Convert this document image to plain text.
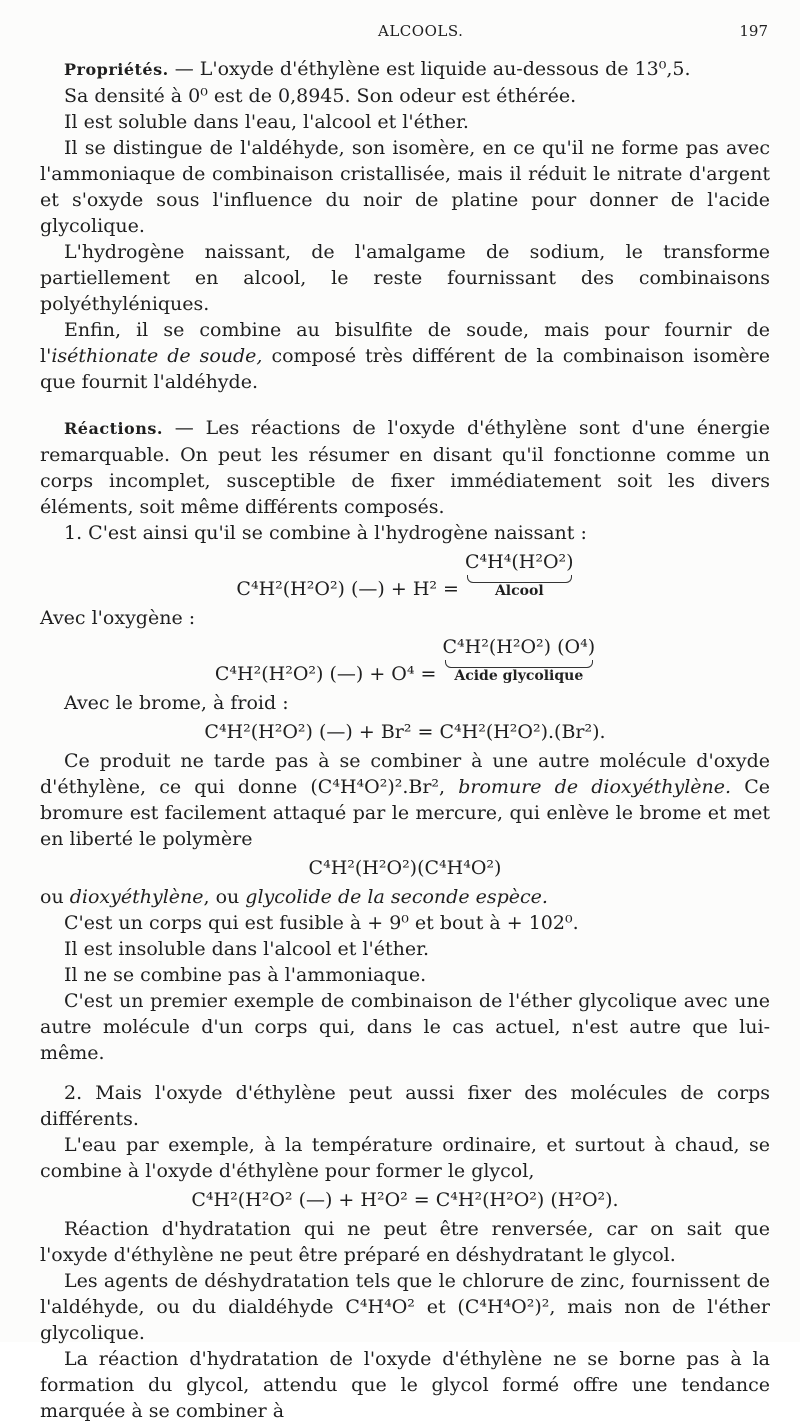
ALCOOLS.	197

Propriétés. — L'oxyde d'éthylène est liquide au-dessous de 13⁰,5.

Sa densité à 0⁰ est de 0,8945. Son odeur est éthérée.

Il est soluble dans l'eau, l'alcool et l'éther.

Il se distingue de l'aldéhyde, son isomère, en ce qu'il ne forme pas avec l'ammoniaque de combinaison cristallisée, mais il réduit le nitrate d'argent et s'oxyde sous l'influence du noir de platine pour donner de l'acide glycolique.

L'hydrogène naissant, de l'amalgame de sodium, le transforme partiellement en alcool, le reste fournissant des combinaisons polyéthyléniques.

Enfin, il se combine au bisulfite de soude, mais pour fournir de l'iséthionate de soude, composé très différent de la combinaison isomère que fournit l'aldéhyde.

Réactions. — Les réactions de l'oxyde d'éthylène sont d'une énergie remarquable. On peut les résumer en disant qu'il fonctionne comme un corps incomplet, susceptible de fixer immédiatement soit les divers éléments, soit même différents composés.

1. C'est ainsi qu'il se combine à l'hydrogène naissant :

C⁴H²(H²O²) (—) + H² = C⁴H⁴(H²O²)
Alcool

Avec l'oxygène :

C⁴H²(H²O²) (—) + O⁴ = C⁴H²(H²O²) (O⁴)
Acide glycolique

Avec le brome, à froid :

C⁴H²(H²O²) (—) + Br² = C⁴H²(H²O²).(Br²).

Ce produit ne tarde pas à se combiner à une autre molécule d'oxyde d'éthylène, ce qui donne (C⁴H⁴O²)².Br², bromure de dioxyéthylène. Ce bromure est facilement attaqué par le mercure, qui enlève le brome et met en liberté le polymère

C⁴H²(H²O²)(C⁴H⁴O²)

ou dioxyéthylène, ou glycolide de la seconde espèce.

C'est un corps qui est fusible à + 9⁰ et bout à + 102⁰.

Il est insoluble dans l'alcool et l'éther.

Il ne se combine pas à l'ammoniaque.

C'est un premier exemple de combinaison de l'éther glycolique avec une autre molécule d'un corps qui, dans le cas actuel, n'est autre que lui-même.

2. Mais l'oxyde d'éthylène peut aussi fixer des molécules de corps différents.

L'eau par exemple, à la température ordinaire, et surtout à chaud, se combine à l'oxyde d'éthylène pour former le glycol,

C⁴H²(H²O² (—) + H²O² = C⁴H²(H²O²) (H²O²).

Réaction d'hydratation qui ne peut être renversée, car on sait que l'oxyde d'éthylène ne peut être préparé en déshydratant le glycol.

Les agents de déshydratation tels que le chlorure de zinc, fournissent de l'aldéhyde, ou du dialdéhyde C⁴H⁴O² et (C⁴H⁴O²)², mais non de l'éther glycolique.

La réaction d'hydratation de l'oxyde d'éthylène ne se borne pas à la formation du glycol, attendu que le glycol formé offre une tendance marquée à se combiner à
